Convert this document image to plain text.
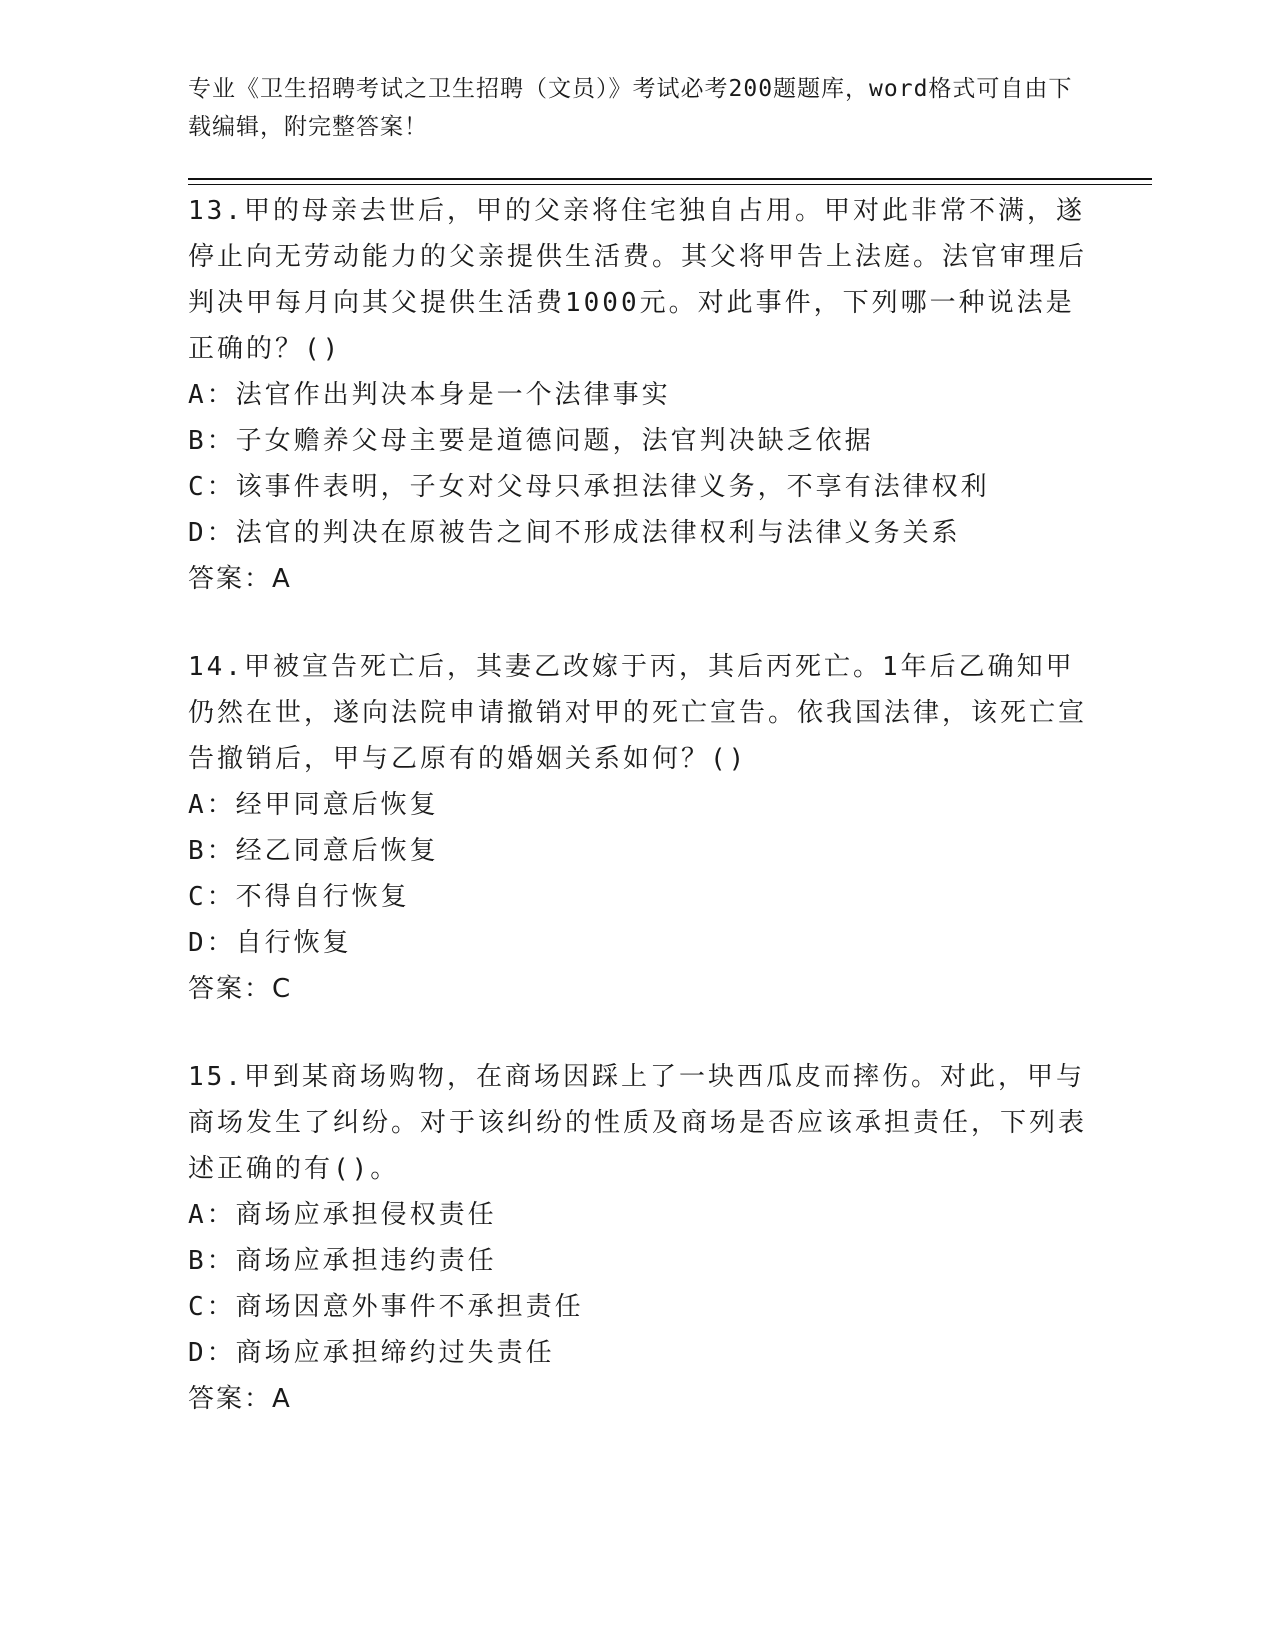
专业《卫生招聘考试之卫生招聘（文员）》考试必考200题题库，word格式可自由下载编辑，附完整答案！

13.甲的母亲去世后，甲的父亲将住宅独自占用。甲对此非常不满，遂停止向无劳动能力的父亲提供生活费。其父将甲告上法庭。法官审理后判决甲每月向其父提供生活费1000元。对此事件，下列哪一种说法是正确的？()

A：法官作出判决本身是一个法律事实

B：子女赡养父母主要是道德问题，法官判决缺乏依据

C：该事件表明，子女对父母只承担法律义务，不享有法律权利

D：法官的判决在原被告之间不形成法律权利与法律义务关系

答案：A

14.甲被宣告死亡后，其妻乙改嫁于丙，其后丙死亡。1年后乙确知甲仍然在世，遂向法院申请撤销对甲的死亡宣告。依我国法律，该死亡宣告撤销后，甲与乙原有的婚姻关系如何？()

A：经甲同意后恢复

B：经乙同意后恢复

C：不得自行恢复

D：自行恢复

答案：C

15.甲到某商场购物，在商场因踩上了一块西瓜皮而摔伤。对此，甲与商场发生了纠纷。对于该纠纷的性质及商场是否应该承担责任，下列表述正确的有()。

A：商场应承担侵权责任

B：商场应承担违约责任

C：商场因意外事件不承担责任

D：商场应承担缔约过失责任

答案：A
